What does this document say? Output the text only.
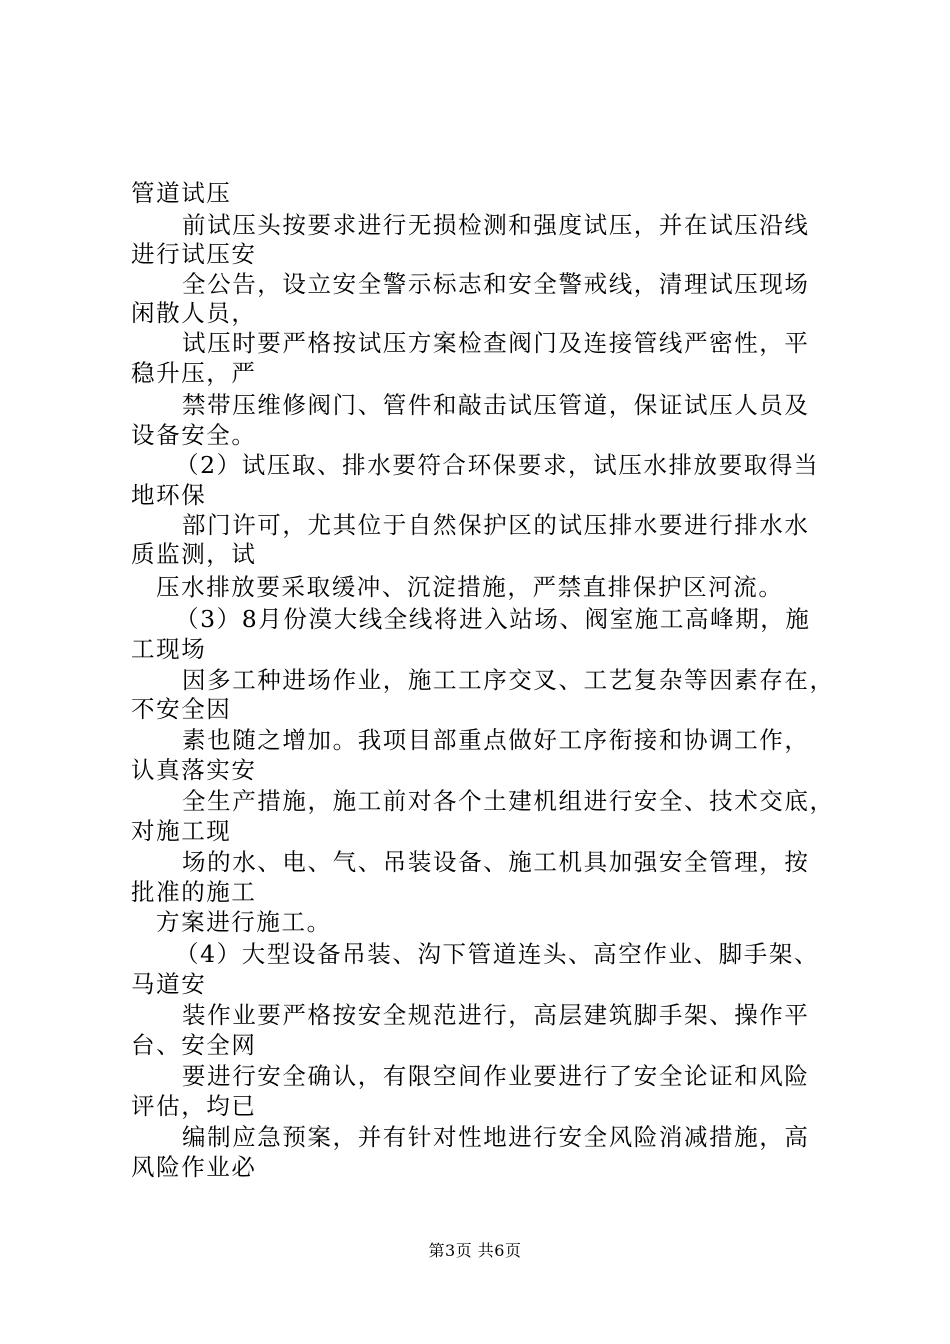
管道试压
前试压头按要求进行无损检测和强度试压，并在试压沿线
进行试压安
全公告，设立安全警示标志和安全警戒线，清理试压现场
闲散人员，
试压时要严格按试压方案检查阀门及连接管线严密性，平
稳升压，严
禁带压维修阀门、管件和敲击试压管道，保证试压人员及
设备安全。
（2）试压取、排水要符合环保要求，试压水排放要取得当
地环保
部门许可，尤其位于自然保护区的试压排水要进行排水水
质监测，试
压水排放要采取缓冲、沉淀措施，严禁直排保护区河流。
（3）8月份漠大线全线将进入站场、阀室施工高峰期，施
工现场
因多工种进场作业，施工工序交叉、工艺复杂等因素存在，
不安全因
素也随之增加。我项目部重点做好工序衔接和协调工作，
认真落实安
全生产措施，施工前对各个土建机组进行安全、技术交底，
对施工现
场的水、电、气、吊装设备、施工机具加强安全管理，按
批准的施工
方案进行施工。
（4）大型设备吊装、沟下管道连头、高空作业、脚手架、
马道安
装作业要严格按安全规范进行，高层建筑脚手架、操作平
台、安全网
要进行安全确认，有限空间作业要进行了安全论证和风险
评估，均已
编制应急预案，并有针对性地进行安全风险消减措施，高
风险作业必
第3页 共6页
